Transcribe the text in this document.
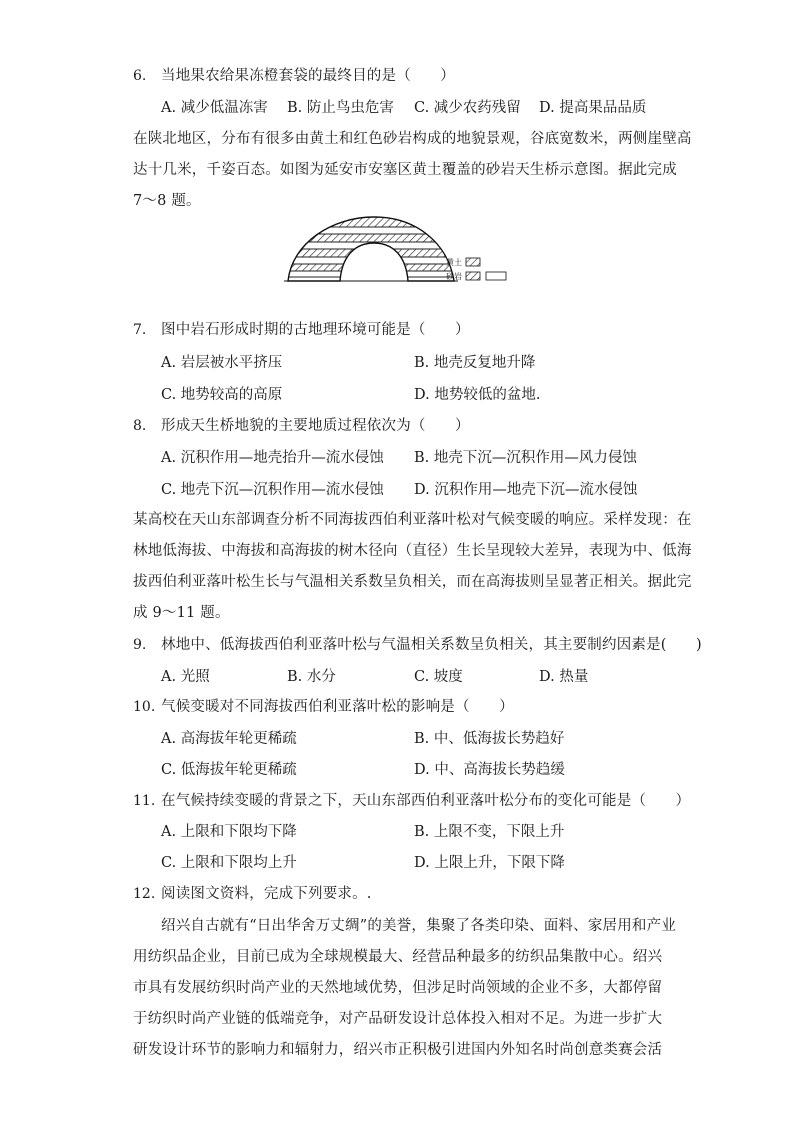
6. 当地果农给果冻橙套袋的最终目的是（　　）
A. 减少低温冻害 B. 防止鸟虫危害 C. 减少农药残留 D. 提高果品品质
在陕北地区，分布有很多由黄土和红色砂岩构成的地貌景观，谷底宽数米，两侧崖壁高
达十几米，千姿百态。如图为延安市安塞区黄土覆盖的砂岩天生桥示意图。据此完成
7～8 题。
黄土
砂岩
7. 图中岩石形成时期的古地理环境可能是（　　）
A. 岩层被水平挤压	B. 地壳反复地升降
C. 地势较高的高原	D. 地势较低的盆地.
8. 形成天生桥地貌的主要地质过程依次为（　　）
A. 沉积作用—地壳抬升—流水侵蚀 B. 地壳下沉—沉积作用—风力侵蚀
C. 地壳下沉—沉积作用—流水侵蚀 D. 沉积作用—地壳下沉—流水侵蚀
某高校在天山东部调查分析不同海拔西伯利亚落叶松对气候变暖的响应。采样发现：在
林地低海拔、中海拔和高海拔的树木径向（直径）生长呈现较大差异，表现为中、低海
拔西伯利亚落叶松生长与气温相关系数呈负相关，而在高海拔则呈显著正相关。据此完
成 9～11 题。
9. 林地中、低海拔西伯利亚落叶松与气温相关系数呈负相关，其主要制约因素是(　　)
A. 光照	B. 水分	C. 坡度	D. 热量
10. 气候变暖对不同海拔西伯利亚落叶松的影响是（　　）
A. 高海拔年轮更稀疏	B. 中、低海拔长势趋好
C. 低海拔年轮更稀疏	D. 中、高海拔长势趋缓
11. 在气候持续变暖的背景之下，天山东部西伯利亚落叶松分布的变化可能是（　　）
A. 上限和下限均下降	B. 上限不变，下限上升
C. 上限和下限均上升	D. 上限上升，下限下降
12. 阅读图文资料，完成下列要求。.
绍兴自古就有“日出华舍万丈绸”的美誉，集聚了各类印染、面料、家居用和产业
用纺织品企业，目前已成为全球规模最大、经营品种最多的纺织品集散中心。绍兴
市具有发展纺织时尚产业的天然地域优势，但涉足时尚领域的企业不多，大都停留
于纺织时尚产业链的低端竞争，对产品研发设计总体投入相对不足。为进一步扩大
研发设计环节的影响力和辐射力，绍兴市正积极引进国内外知名时尚创意类赛会活
